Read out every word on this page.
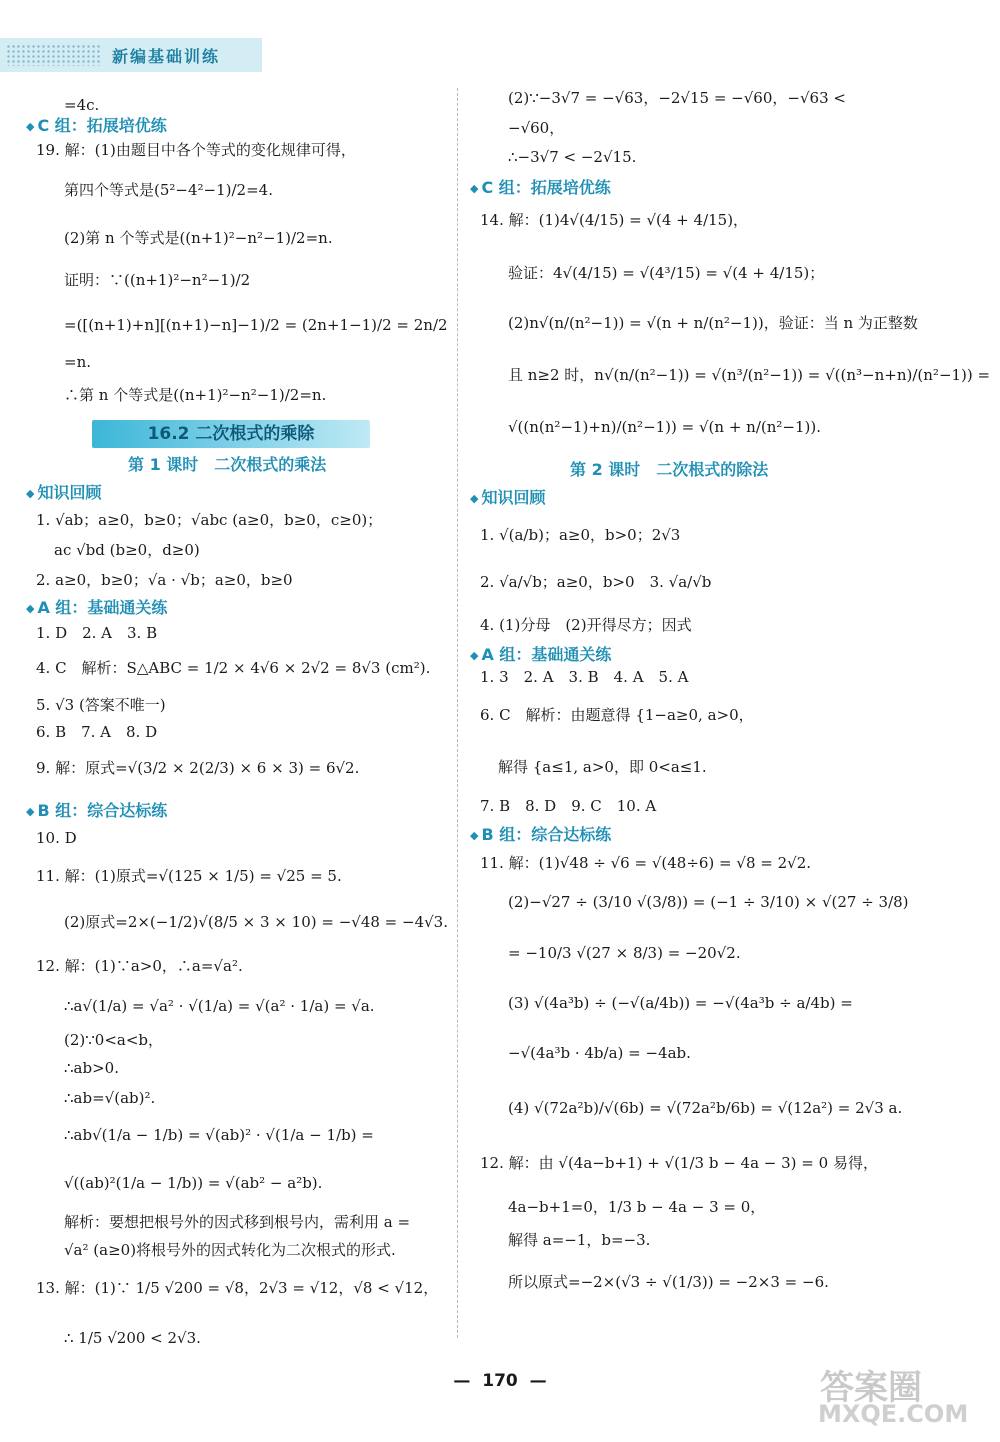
新编基础训练
=4c.
19. 解：(1)由题目中各个等式的变化规律可得，
第四个等式是(5²−4²−1)/2=4.
(2)第 n 个等式是((n+1)²−n²−1)/2=n.
证明：∵((n+1)²−n²−1)/2
=([(n+1)+n][(n+1)−n]−1)/2 = (2n+1−1)/2 = 2n/2
=n.
∴第 n 个等式是((n+1)²−n²−1)/2=n.
1. √ab；a≥0，b≥0；√abc (a≥0，b≥0，c≥0)；
ac √bd (b≥0，d≥0)
2. a≥0，b≥0；√a · √b；a≥0，b≥0
1. D　2. A　3. B
4. C　解析：S△ABC = 1/2 × 4√6 × 2√2 = 8√3 (cm²).
5. √3 (答案不唯一)
6. B　7. A　8. D
9. 解：原式=√(3/2 × 2(2/3) × 6 × 3) = 6√2.
10. D
11. 解：(1)原式=√(125 × 1/5) = √25 = 5.
(2)原式=2×(−1/2)√(8/5 × 3 × 10) = −√48 = −4√3.
12. 解：(1)∵a>0，∴a=√a².
∴a√(1/a) = √a² · √(1/a) = √(a² · 1/a) = √a.
(2)∵0<a<b，
∴ab>0.
∴ab=√(ab)².
∴ab√(1/a − 1/b) = √(ab)² · √(1/a − 1/b) =
√((ab)²(1/a − 1/b)) = √(ab² − a²b).
解析：要想把根号外的因式移到根号内，需利用 a =
√a² (a≥0)将根号外的因式转化为二次根式的形式.
13. 解：(1)∵ 1/5 √200 = √8，2√3 = √12，√8 < √12，
∴ 1/5 √200 < 2√3.
◆ C 组：拓展培优练
◆ 知识回顾
◆ A 组：基础通关练
◆ B 组：综合达标练
(2)∵−3√7 = −√63，−2√15 = −√60，−√63 <
−√60，
∴−3√7 < −2√15.
14. 解：(1)4√(4/15) = √(4 + 4/15)，
验证：4√(4/15) = √(4³/15) = √(4 + 4/15)；
(2)n√(n/(n²−1)) = √(n + n/(n²−1))，验证：当 n 为正整数
且 n≥2 时，n√(n/(n²−1)) = √(n³/(n²−1)) = √((n³−n+n)/(n²−1)) =
√((n(n²−1)+n)/(n²−1)) = √(n + n/(n²−1)).
1. √(a/b)；a≥0，b>0；2√3
2. √a/√b；a≥0，b>0　3. √a/√b
4. (1)分母　(2)开得尽方；因式
1. 3　2. A　3. B　4. A　5. A
6. C　解析：由题意得 {1−a≥0, a>0，
解得 {a≤1, a>0，即 0<a≤1.
7. B　8. D　9. C　10. A
11. 解：(1)√48 ÷ √6 = √(48÷6) = √8 = 2√2.
(2)−√27 ÷ (3/10 √(3/8)) = (−1 ÷ 3/10) × √(27 ÷ 3/8)
= −10/3 √(27 × 8/3) = −20√2.
(3) √(4a³b) ÷ (−√(a/4b)) = −√(4a³b ÷ a/4b) =
−√(4a³b · 4b/a) = −4ab.
(4) √(72a²b)/√(6b) = √(72a²b/6b) = √(12a²) = 2√3 a.
12. 解：由 √(4a−b+1) + √(1/3 b − 4a − 3) = 0 易得，
4a−b+1=0，1/3 b − 4a − 3 = 0，
解得 a=−1，b=−3.
所以原式=−2×(√3 ÷ √(1/3)) = −2×3 = −6.
◆ C 组：拓展培优练
◆ 知识回顾
◆ A 组：基础通关练
◆ B 组：综合达标练
16.2 二次根式的乘除
第 1 课时　二次根式的乘法	第 2 课时　二次根式的除法
—  170  —	答案圈
MXQE.COM
